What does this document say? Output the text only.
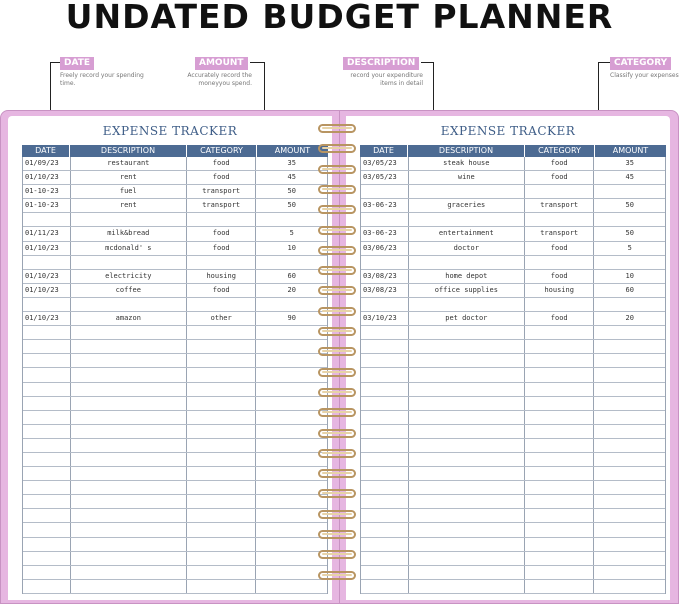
UNDATED BUDGET PLANNER
DATE
Freely record your spending time.
AMOUNT
Accurately record the moneyyou spend.
DESCRIPTION
record your expenditure items in detail
CATEGORY
Classify your expenses
EXPENSE TRACKER
DATE	DESCRIPTION	CATEGORY	AMOUNT
01/09/23	restaurant	food	35
01/10/23	rent	food	45
01-10-23	fuel	transport	50
01-10-23	rent	transport	50
01/11/23	milk&bread	food	5
01/10/23	mcdonald' s	food	10
01/10/23	electricity	housing	60
01/10/23	coffee	food	20
01/10/23	amazon	other	90
EXPENSE TRACKER
DATE	DESCRIPTION	CATEGORY	AMOUNT
03/05/23	steak house	food	35
03/05/23	wine	food	45
03-06-23	graceries	transport	50
03-06-23	entertainment	transport	50
03/06/23	doctor	food	5
03/08/23	home depot	food	10
03/08/23	office supplies	housing	60
03/10/23	pet doctor	food	20
